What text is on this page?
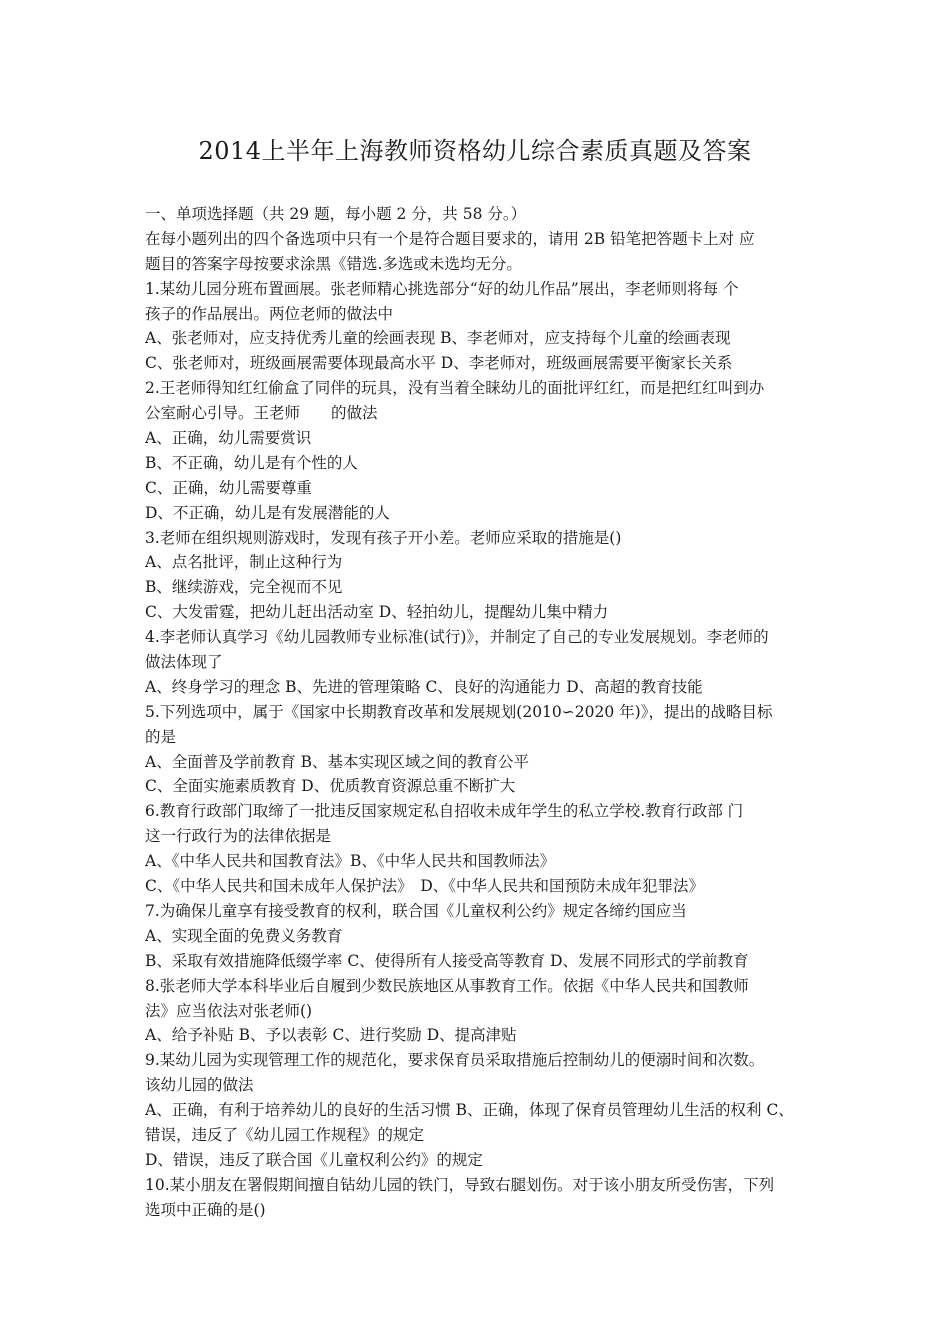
2014上半年上海教师资格幼儿综合素质真题及答案
一、单项选择题（共 29 题，每小题 2 分，共 58 分。）
在每小题列出的四个备选项中只有一个是符合题目要求的，请用 2B 铅笔把答题卡上对 应
题目的答案字母按要求涂黑《错选.多选或未选均无分。
1.某幼儿园分班布置画展。张老师精心挑选部分“好的幼儿作品”展出，李老师则将每 个
孩子的作品展出。两位老师的做法中
A、张老师对，应支持优秀儿童的绘画表现 B、李老师对，应支持每个儿童的绘画表现
C、张老师对，班级画展需要体现最高水平 D、李老师对，班级画展需要平衡家长关系
2.王老师得知红红偷盒了同伴的玩具，没有当着全睐幼儿的面批评红红，而是把红红叫到办
公室耐心引导。王老师　　的做法
A、正确，幼儿需要赏识
B、不正确，幼儿是有个性的人
C、正确，幼儿需要尊重
D、不正确，幼儿是有发展潜能的人
3.老师在组织规则游戏时，发现有孩子开小差。老师应采取的措施是()
A、点名批评，制止这种行为
B、继续游戏，完全视而不见
C、大发雷霆，把幼儿赶出活动室 D、轻拍幼儿，提醒幼儿集中精力
4.李老师认真学习《幼儿园教师专业标准(试行)》，并制定了自己的专业发展规划。李老师的
做法体现了
A、终身学习的理念 B、先进的管理策略 C、良好的沟通能力 D、高超的教育技能
5.下列选项中，属于《国家中长期教育改革和发展规划(2010∽2020 年)》，提出的战略目标
的是
A、全面普及学前教育 B、基本实现区域之间的教育公平
C、全面实施素质教育 D、优质教育资源总重不断扩大
6.教育行政部门取缔了一批违反国家规定私自招收未成年学生的私立学校.教育行政部 门
这一行政行为的法律依据是
A、《中华人民共和国教育法》B、《中华人民共和国教师法》
C、《中华人民共和国未成年人保护法》　D、《中华人民共和国预防未成年犯罪法》
7.为确保儿童享有接受教育的权利，联合国《儿童权利公约》规定各缔约国应当
A、实现全面的免费义务教育
B、采取有效措施降低缀学率 C、使得所有人接受高等教育 D、发展不同形式的学前教育
8.张老师大学本科毕业后自履到少数民族地区从事教育工作。依据《中华人民共和国教师
法》应当依法对张老师()
A、给予补贴 B、予以表彰 C、进行奖励 D、提高津贴
9.某幼儿园为实现管理工作的规范化，要求保育员采取措施后控制幼儿的便溺时间和次数。
该幼儿园的做法
A、正确，有利于培养幼儿的良好的生活习惯 B、正确，体现了保育员管理幼儿生活的权利 C、
错误，违反了《幼儿园工作规程》的规定
D、错误，违反了联合国《儿童权利公约》的规定
10.某小朋友在署假期间擅自钻幼儿园的铁门，导致右腿划伤。对于该小朋友所受伤害，下列
选项中正确的是()
